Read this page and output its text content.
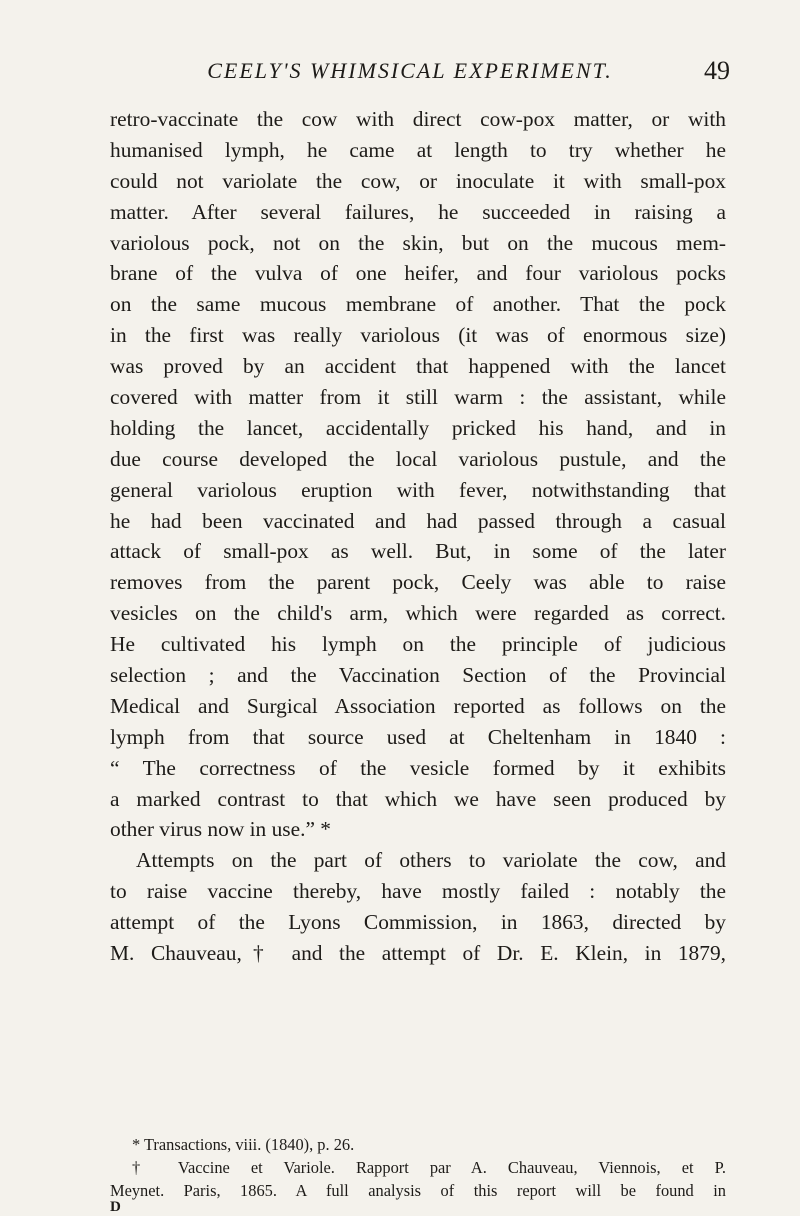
CEELY'S WHIMSICAL EXPERIMENT.	49
retro-vaccinate the cow with direct cow-pox matter, or with
humanised lymph, he came at length to try whether he
could not variolate the cow, or inoculate it with small-pox
matter. After several failures, he succeeded in raising a
variolous pock, not on the skin, but on the mucous mem-
brane of the vulva of one heifer, and four variolous pocks
on the same mucous membrane of another. That the pock
in the first was really variolous (it was of enormous size)
was proved by an accident that happened with the lancet
covered with matter from it still warm : the assistant, while
holding the lancet, accidentally pricked his hand, and in
due course developed the local variolous pustule, and the
general variolous eruption with fever, notwithstanding that
he had been vaccinated and had passed through a casual
attack of small-pox as well. But, in some of the later
removes from the parent pock, Ceely was able to raise
vesicles on the child's arm, which were regarded as correct.
He cultivated his lymph on the principle of judicious
selection ; and the Vaccination Section of the Provincial
Medical and Surgical Association reported as follows on the
lymph from that source used at Cheltenham in 1840 :
“ The correctness of the vesicle formed by it exhibits
a marked contrast to that which we have seen produced by
other virus now in use.” *
Attempts on the part of others to variolate the cow, and
to raise vaccine thereby, have mostly failed : notably the
attempt of the Lyons Commission, in 1863, directed by
M. Chauveau,† and the attempt of Dr. E. Klein, in 1879,
* Transactions, viii. (1840), p. 26.
† Vaccine et Variole. Rapport par A. Chauveau, Viennois, et P.
Meynet. Paris, 1865. A full analysis of this report will be found in
D
